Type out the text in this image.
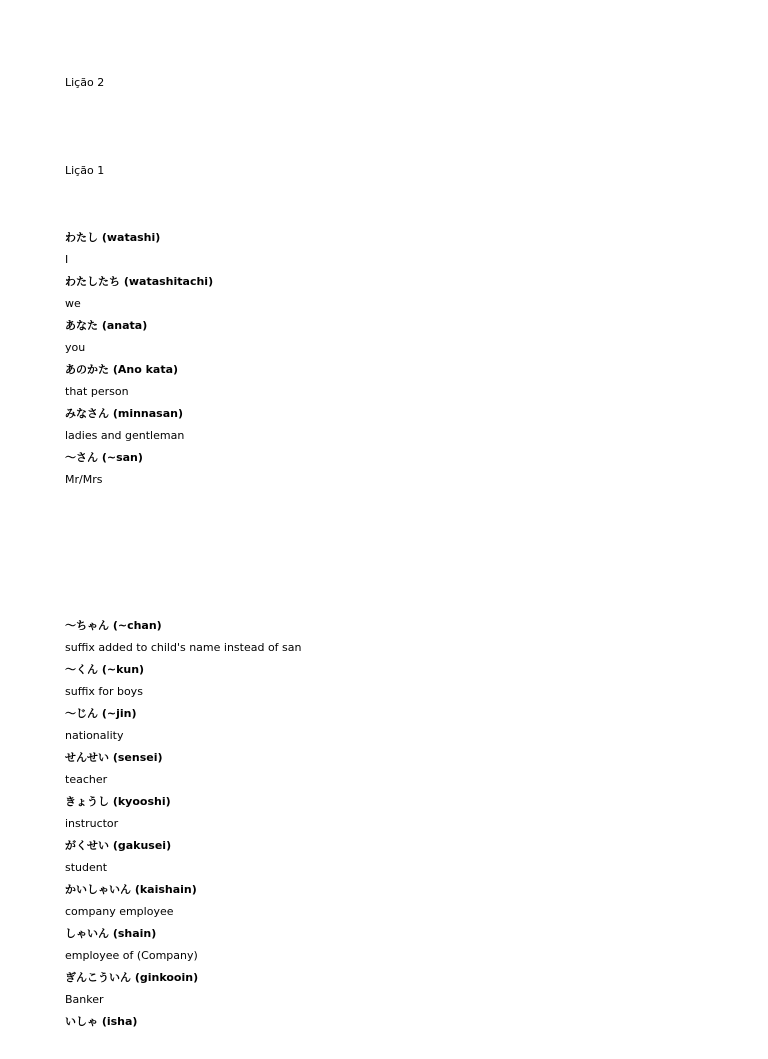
Lição 2
Lição 1
わたし (watashi)
I
わたしたち (watashitachi)
we
あなた (anata)
you
あのかた (Ano kata)
that person
みなさん (minnasan)
ladies and gentleman
～さん (~san)
Mr/Mrs
～ちゃん (~chan)
suffix added to child's name instead of san
～くん (~kun)
suffix for boys
～じん (~jin)
nationality
せんせい (sensei)
teacher
きょうし (kyooshi)
instructor
がくせい (gakusei)
student
かいしゃいん (kaishain)
company employee
しゃいん (shain)
employee of (Company)
ぎんこういん (ginkooin)
Banker
いしゃ (isha)
